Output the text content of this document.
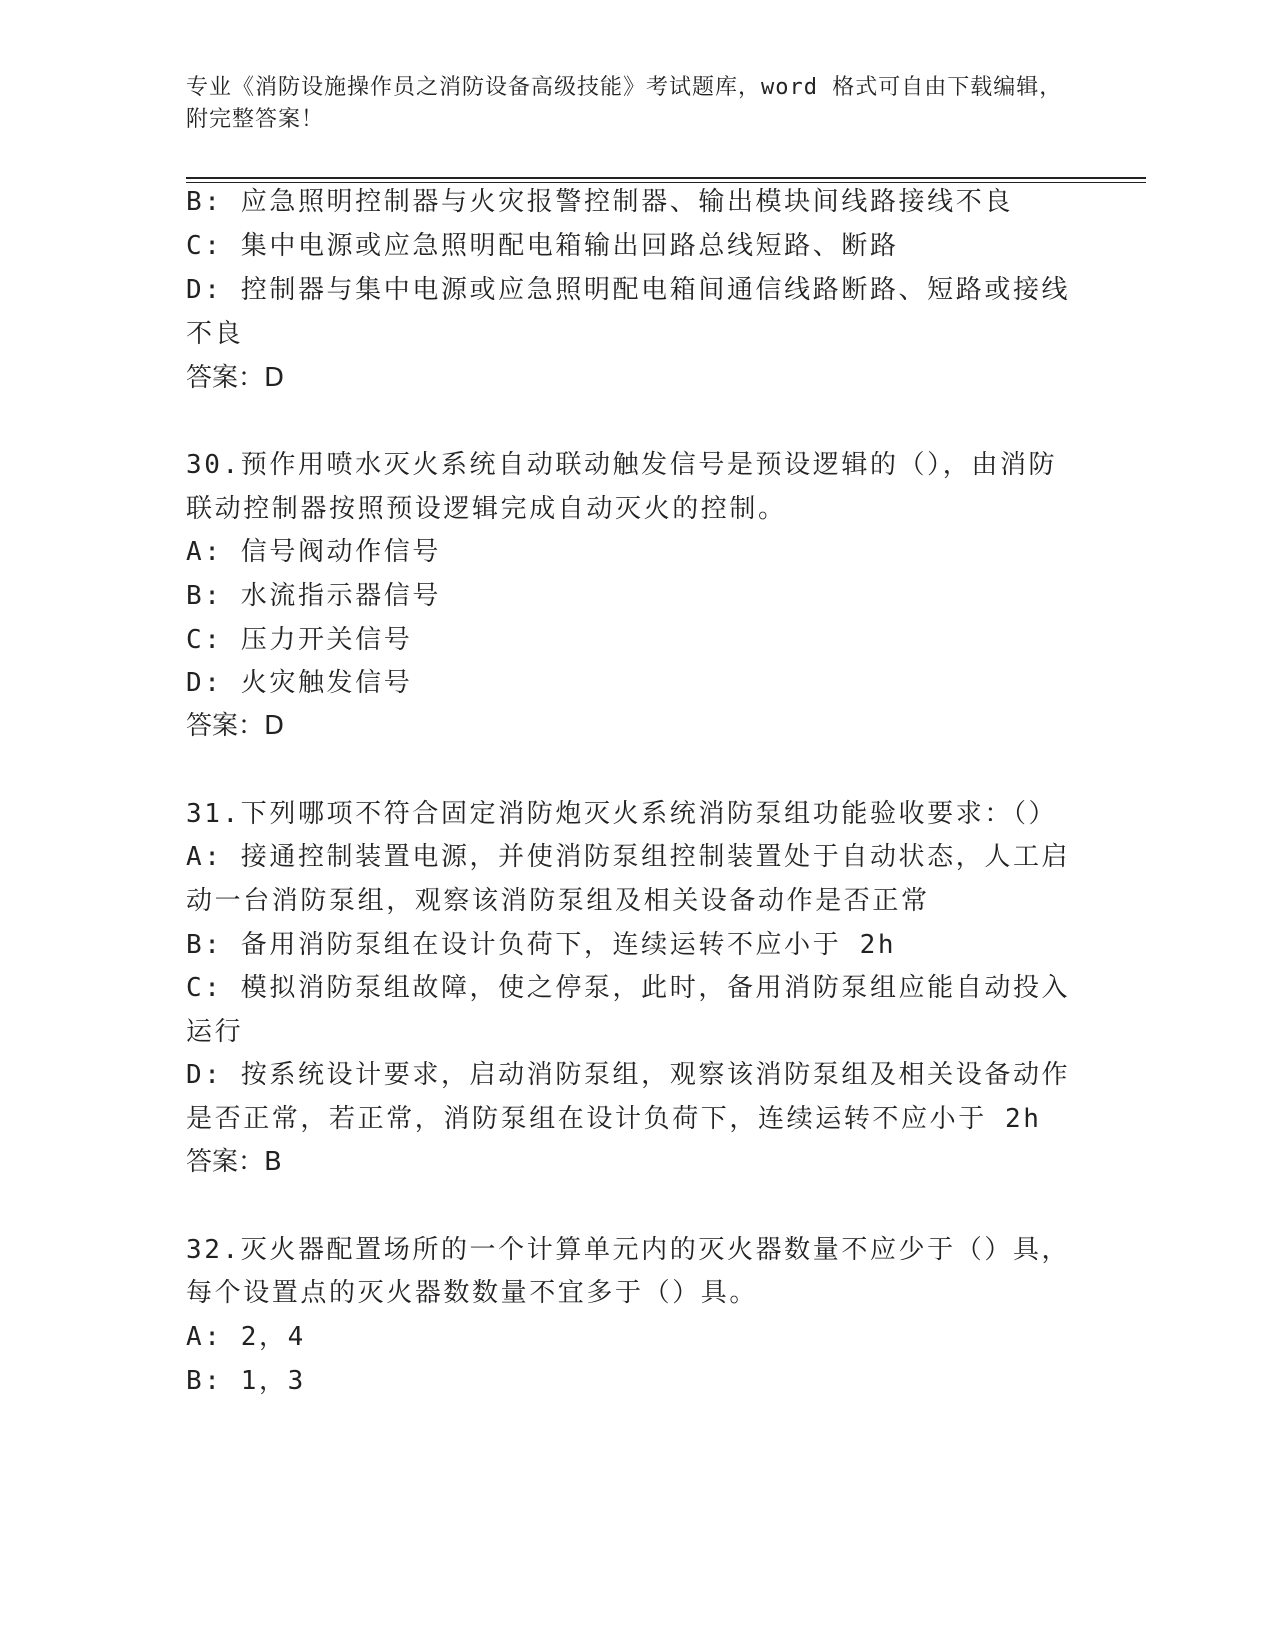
专业《消防设施操作员之消防设备高级技能》考试题库，word 格式可自由下载编辑，附完整答案！
B: 应急照明控制器与火灾报警控制器、输出模块间线路接线不良
C: 集中电源或应急照明配电箱输出回路总线短路、断路
D: 控制器与集中电源或应急照明配电箱间通信线路断路、短路或接线
不良
答案：D
30.预作用喷水灭火系统自动联动触发信号是预设逻辑的（），由消防
联动控制器按照预设逻辑完成自动灭火的控制。
A: 信号阀动作信号
B: 水流指示器信号
C: 压力开关信号
D: 火灾触发信号
答案：D
31.下列哪项不符合固定消防炮灭火系统消防泵组功能验收要求：（）
A: 接通控制装置电源，并使消防泵组控制装置处于自动状态，人工启
动一台消防泵组，观察该消防泵组及相关设备动作是否正常
B: 备用消防泵组在设计负荷下，连续运转不应小于 2h
C: 模拟消防泵组故障，使之停泵，此时，备用消防泵组应能自动投入
运行
D: 按系统设计要求，启动消防泵组，观察该消防泵组及相关设备动作
是否正常，若正常，消防泵组在设计负荷下，连续运转不应小于 2h
答案：B
32.灭火器配置场所的一个计算单元内的灭火器数量不应少于（）具，
每个设置点的灭火器数数量不宜多于（）具。
A: 2，4
B: 1，3
